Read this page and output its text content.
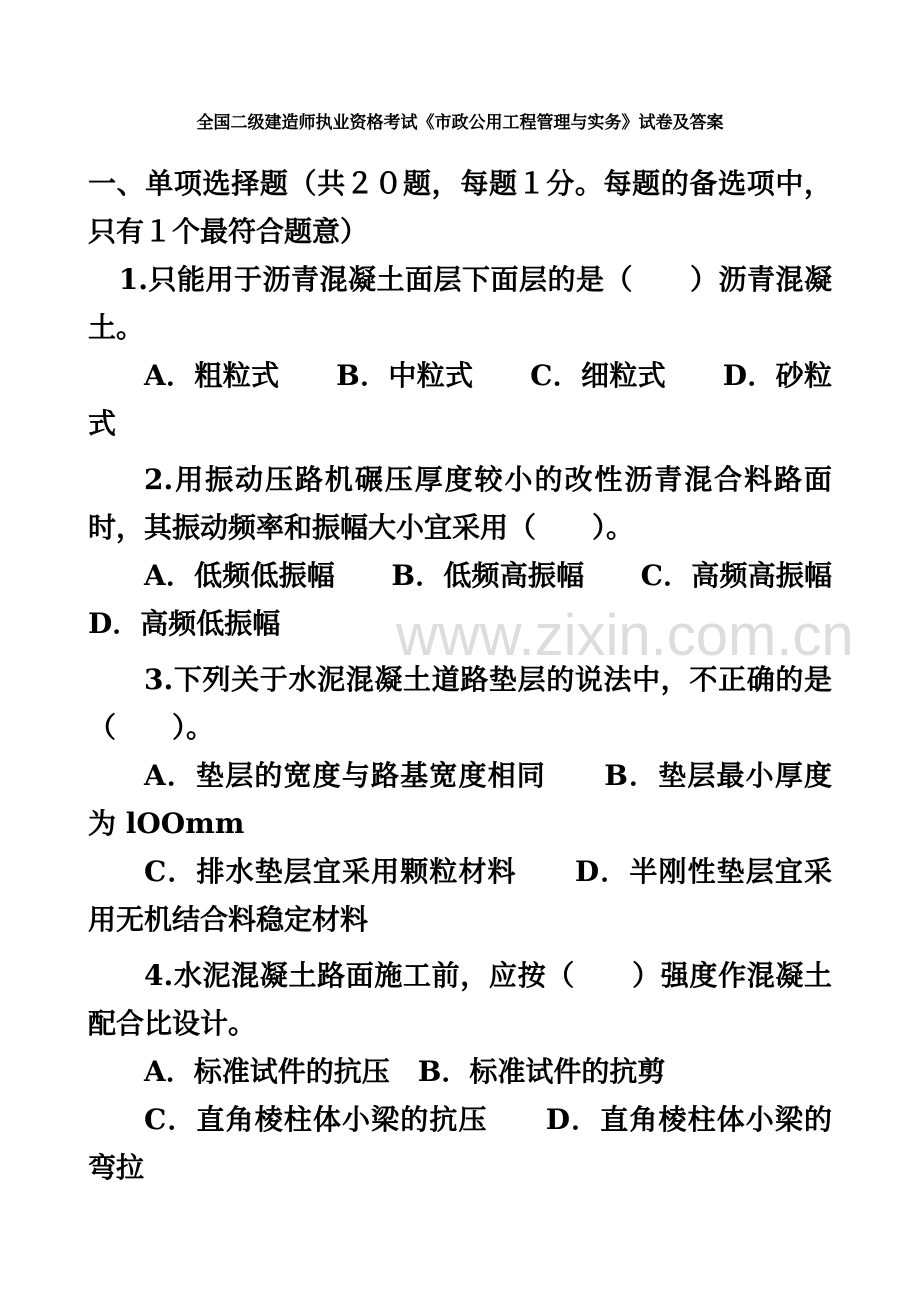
全国二级建造师执业资格考试《市政公用工程管理与实务》试卷及答案

一、单项选择题（共２０题，每题１分。每题的备选项中，只有１个最符合题意）

1.只能用于沥青混凝土面层下面层的是（　　）沥青混凝土。

A．粗粒式　　B．中粒式　　C．细粒式　　D．砂粒式

2.用振动压路机碾压厚度较小的改性沥青混合料路面时，其振动频率和振幅大小宜采用（　　）。

A．低频低振幅　　B．低频高振幅　　C．高频高振幅　　D．高频低振幅

3.下列关于水泥混凝土道路垫层的说法中，不正确的是（　　）。

A．垫层的宽度与路基宽度相同　　B．垫层最小厚度为 lOOmm

C．排水垫层宜采用颗粒材料　　D．半刚性垫层宜采用无机结合料稳定材料

4.水泥混凝土路面施工前，应按（　　）强度作混凝土配合比设计。

A．标准试件的抗压　B．标准试件的抗剪

C．直角棱柱体小梁的抗压　　D．直角棱柱体小梁的弯拉

www.zixin.com.cn
